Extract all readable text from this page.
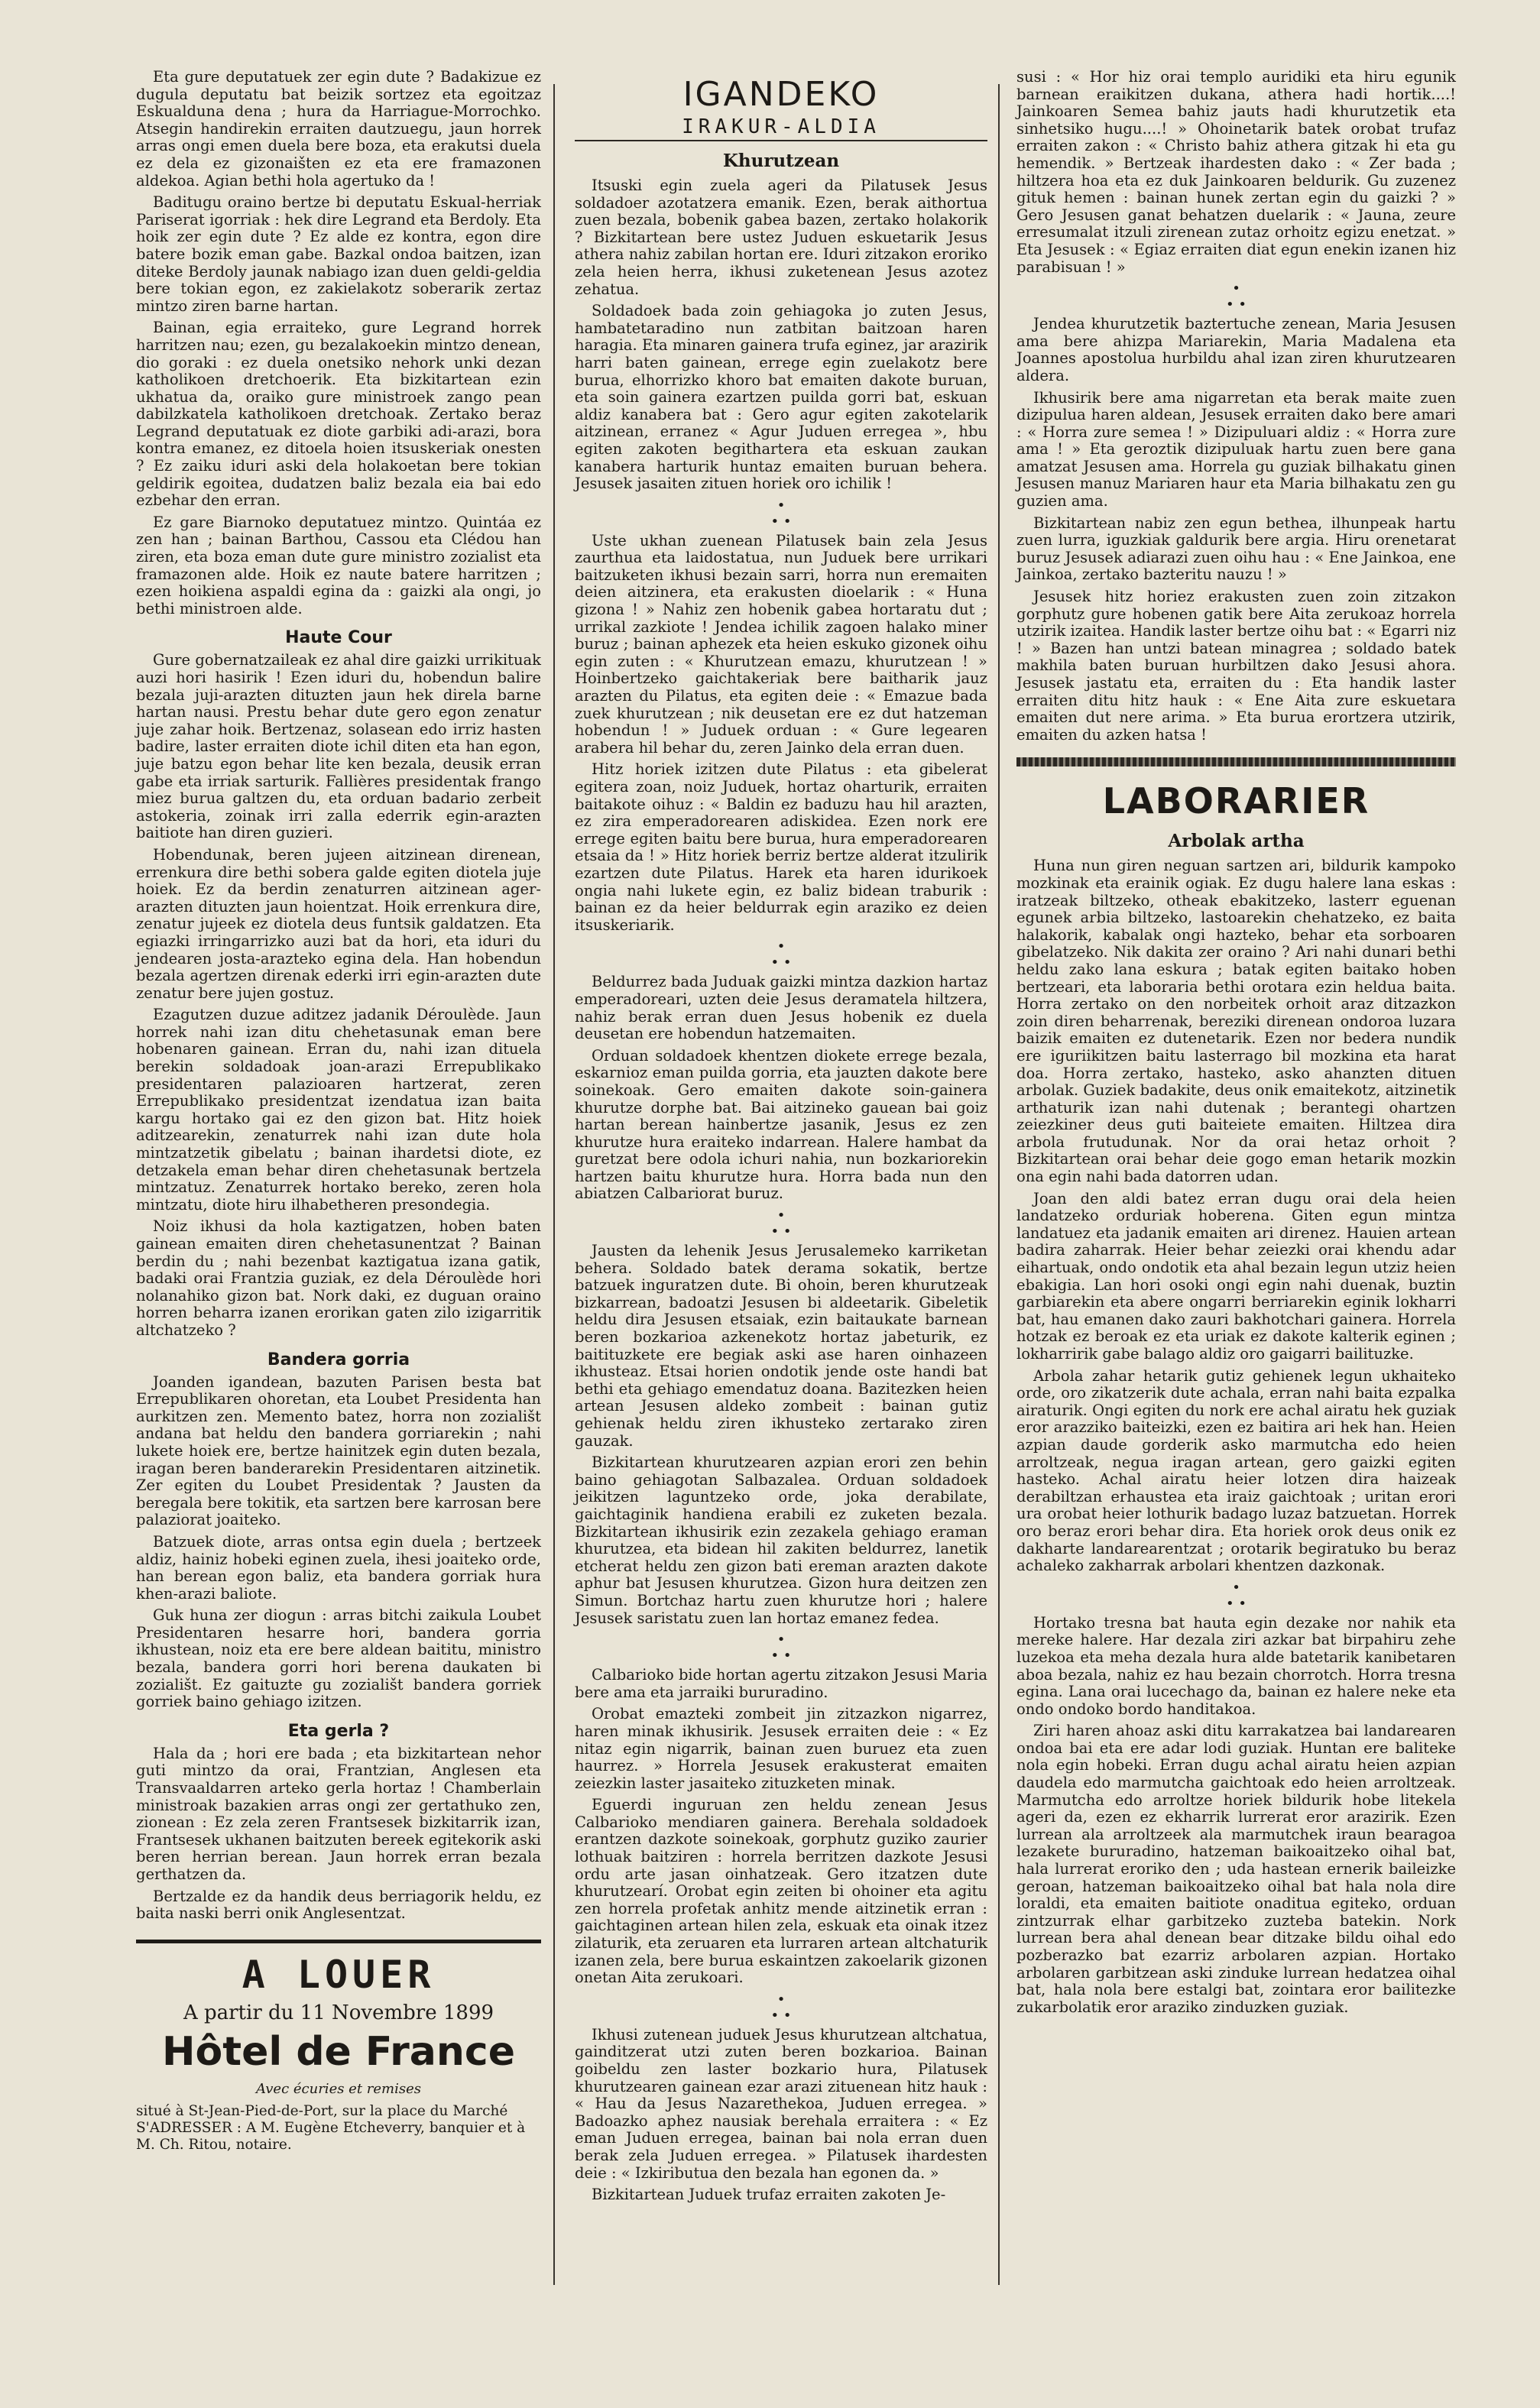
Eta gure deputatuek zer egin dute ? Badakizue ez dugula deputatu bat beizik sortzez eta egoitzaz Eskualduna dena ; hura da Harriague-Morrochko. Atsegin handirekin erraiten dautzuegu, jaun horrek arras ongi emen duela bere boza, eta erakutsi duela ez dela ez gizonaišten ez eta ere framazonen aldekoa. Agian bethi hola agertuko da !

Baditugu oraino bertze bi deputatu Eskual-herriak Pariserat igorriak : hek dire Legrand eta Berdoly. Eta hoik zer egin dute ? Ez alde ez kontra, egon dire batere bozik eman gabe. Bazkal ondoa baitzen, izan diteke Berdoly jaunak nabiago izan duen geldi-geldia bere tokian egon, ez zakielakotz soberarik zertaz mintzo ziren barne hartan.

Bainan, egia erraiteko, gure Legrand horrek harritzen nau; ezen, gu bezalakoekin mintzo denean, dio goraki : ez duela onetsiko nehork unki dezan katholikoen dretchoerik. Eta bizkitartean ezin ukhatua da, oraiko gure ministroek zango pean dabilzkatela katholikoen dretchoak. Zertako beraz Legrand deputatuak ez diote garbiki adi-arazi, bora kontra emanez, ez ditoela hoien itsuskeriak onesten ? Ez zaiku iduri aski dela holakoetan bere tokian geldirik egoitea, dudatzen baliz bezala eia bai edo ezbehar den erran.

Ez gare Biarnoko deputatuez mintzo. Quintáa ez zen han ; bainan Barthou, Cassou eta Clédou han ziren, eta boza eman dute gure ministro zozialist eta framazonen alde. Hoik ez naute batere harritzen ; ezen hoikiena aspaldi egina da : gaizki ala ongi, jo bethi ministroen alde.

Haute Cour

Gure gobernatzaileak ez ahal dire gaizki urrikituak auzi hori hasirik ! Ezen iduri du, hobendun balire bezala juji-arazten dituzten jaun hek direla barne hartan nausi. Prestu behar dute gero egon zenatur juje zahar hoik. Bertzenaz, solasean edo irriz hasten badire, laster erraiten diote ichil diten eta han egon, juje batzu egon behar lite ken bezala, deusik erran gabe eta irriak sarturik. Fallières presidentak frango miez burua galtzen du, eta orduan badario zerbeit astokeria, zoinak irri zalla ederrik egin-arazten baitiote han diren guzieri.

Hobendunak, beren jujeen aitzinean direnean, errenkura dire bethi sobera galde egiten diotela juje hoiek. Ez da berdin zenaturren aitzinean ager-arazten dituzten jaun hoientzat. Hoik errenkura dire, zenatur jujeek ez diotela deus funtsik galdatzen. Eta egiazki irringarrizko auzi bat da hori, eta iduri du jendearen josta-arazteko egina dela. Han hobendun bezala agertzen direnak ederki irri egin-arazten dute zenatur bere jujen gostuz.

Ezagutzen duzue aditzez jadanik Déroulède. Jaun horrek nahi izan ditu chehetasunak eman bere hobenaren gainean. Erran du, nahi izan dituela berekin soldadoak joan-arazi Errepublikako presidentaren palazioaren hartzerat, zeren Errepublikako presidentzat izendatua izan baita kargu hortako gai ez den gizon bat. Hitz hoiek aditzearekin, zenaturrek nahi izan dute hola mintzatzetik gibelatu ; bainan ihardetsi diote, ez detzakela eman behar diren chehetasunak bertzela mintzatuz. Zenaturrek hortako bereko, zeren hola mintzatu, diote hiru ilhabetheren presondegia.

Noiz ikhusi da hola kaztigatzen, hoben baten gainean emaiten diren chehetasunentzat ? Bainan berdin du ; nahi bezenbat kaztigatua izana gatik, badaki orai Frantzia guziak, ez dela Déroulède hori nolanahiko gizon bat. Nork daki, ez duguan oraino horren beharra izanen erorikan gaten zilo izigarritik altchatzeko ?

Bandera gorria

Joanden igandean, bazuten Parisen besta bat Errepublikaren ohoretan, eta Loubet Presidenta han aurkitzen zen. Memento batez, horra non zoziališt andana bat heldu den bandera gorriarekin ; nahi lukete hoiek ere, bertze hainitzek egin duten bezala, iragan beren banderarekin Presidentaren aitzinetik. Zer egiten du Loubet Presidentak ? Jausten da beregala bere tokitik, eta sartzen bere karrosan bere palaziorat joaiteko.

Batzuek diote, arras ontsa egin duela ; bertzeek aldiz, hainiz hobeki eginen zuela, ihesi joaiteko orde, han berean egon baliz, eta bandera gorriak hura khen-arazi baliote.

Guk huna zer diogun : arras bitchi zaikula Loubet Presidentaren hesarre hori, bandera gorria ikhustean, noiz eta ere bere aldean baititu, ministro bezala, bandera gorri hori berena daukaten bi zoziališt. Ez gaituzte gu zoziališt bandera gorriek gorriek baino gehiago izitzen.

Eta gerla ?

Hala da ; hori ere bada ; eta bizkitartean nehor guti mintzo da orai, Frantzian, Anglesen eta Transvaaldarren arteko gerla hortaz ! Chamberlain ministroak bazakien arras ongi zer gertathuko zen, zionean : Ez zela zeren Frantsesek bizkitarrik izan, Frantsesek ukhanen baitzuten bereek egitekorik aski beren herrian berean. Jaun horrek erran bezala gerthatzen da.

Bertzalde ez da handik deus berriagorik heldu, ez baita naski berri onik Anglesentzat.

A LOUER
A partir du 11 Novembre 1899
Hôtel de France
Avec écuries et remises
situé à St-Jean-Pied-de-Port, sur la place du Marché
S'ADRESSER : A M. Eugène Etcheverry, banquier et à M. Ch. Ritou, notaire.
IGANDEKO
IRAKUR-ALDIA
Khurutzean

Itsuski egin zuela ageri da Pilatusek Jesus soldadoer azotatzera emanik. Ezen, berak aithortua zuen bezala, bobenik gabea bazen, zertako holakorik ? Bizkitartean bere ustez Juduen eskuetarik Jesus athera nahiz zabilan hortan ere. Iduri zitzakon eroriko zela heien herra, ikhusi zuketenean Jesus azotez zehatua.

Soldadoek bada zoin gehiagoka jo zuten Jesus, hambatetaradino nun zatbitan baitzoan haren haragia. Eta minaren gainera trufa eginez, jar arazirik harri baten gainean, errege egin zuelakotz bere burua, elhorrizko khoro bat emaiten dakote buruan, eta soin gainera ezartzen puilda gorri bat, eskuan aldiz kanabera bat : Gero agur egiten zakotelarik aitzinean, erranez « Agur Juduen erregea », hbu egiten zakoten begithartera eta eskuan zaukan kanabera harturik huntaz emaiten buruan behera. Jesusek jasaiten zituen horiek oro ichilik !

•
• •

Uste ukhan zuenean Pilatusek bain zela Jesus zaurthua eta laidostatua, nun Juduek bere urrikari baitzuketen ikhusi bezain sarri, horra nun eremaiten deien aitzinera, eta erakusten dioelarik : « Huna gizona ! » Nahiz zen hobenik gabea hortaratu dut ; urrikal zazkiote ! Jendea ichilik zagoen halako miner buruz ; bainan aphezek eta heien eskuko gizonek oihu egin zuten : « Khurutzean emazu, khurutzean ! » Hoinbertzeko gaichtakeriak bere baitharik jauz arazten du Pilatus, eta egiten deie : « Emazue bada zuek khurutzean ; nik deusetan ere ez dut hatzeman hobendun ! » Juduek orduan : « Gure legearen arabera hil behar du, zeren Jainko dela erran duen.

Hitz horiek izitzen dute Pilatus : eta gibelerat egitera zoan, noiz Juduek, hortaz oharturik, erraiten baitakote oihuz : « Baldin ez baduzu hau hil arazten, ez zira emperadorearen adiskidea. Ezen nork ere errege egiten baitu bere burua, hura emperadorearen etsaia da ! » Hitz horiek berriz bertze alderat itzulirik ezartzen dute Pilatus. Harek eta haren idurikoek ongia nahi lukete egin, ez baliz bidean traburik : bainan ez da heier beldurrak egin araziko ez deien itsuskeriarik.

•
• •

Beldurrez bada Juduak gaizki mintza dazkion hartaz emperadoreari, uzten deie Jesus deramatela hiltzera, nahiz berak erran duen Jesus hobenik ez duela deusetan ere hobendun hatzemaiten.

Orduan soldadoek khentzen diokete errege bezala, eskarnioz eman puilda gorria, eta jauzten dakote bere soinekoak. Gero emaiten dakote soin-gainera khurutze dorphe bat. Bai aitzineko gauean bai goiz hartan berean hainbertze jasanik, Jesus ez zen khurutze hura eraiteko indarrean. Halere hambat da guretzat bere odola ichuri nahia, nun bozkariorekin hartzen baitu khurutze hura. Horra bada nun den abiatzen Calbariorat buruz.

•
• •

Jausten da lehenik Jesus Jerusalemeko karriketan behera. Soldado batek derama sokatik, bertze batzuek inguratzen dute. Bi ohoin, beren khurutzeak bizkarrean, badoatzi Jesusen bi aldeetarik. Gibeletik heldu dira Jesusen etsaiak, ezin baitaukate barnean beren bozkarioa azkenekotz hortaz jabeturik, ez baitituzkete ere begiak aski ase haren oinhazeen ikhusteaz. Etsai horien ondotik jende oste handi bat bethi eta gehiago emendatuz doana. Bazitezken heien artean Jesusen aldeko zombeit : bainan gutiz gehienak heldu ziren ikhusteko zertarako ziren gauzak.

Bizkitartean khurutzearen azpian erori zen behin baino gehiagotan Salbazalea. Orduan soldadoek jeikitzen laguntzeko orde, joka derabilate, gaichtaginik handiena erabili ez zuketen bezala. Bizkitartean ikhusirik ezin zezakela gehiago eraman khurutzea, eta bidean hil zakiten beldurrez, lanetik etcherat heldu zen gizon bati ereman arazten dakote aphur bat Jesusen khurutzea. Gizon hura deitzen zen Simun. Bortchaz hartu zuen khurutze hori ; halere Jesusek saristatu zuen lan hortaz emanez fedea.

•
• •

Calbarioko bide hortan agertu zitzakon Jesusi Maria bere ama eta jarraiki bururadino.

Orobat emazteki zombeit jin zitzazkon nigarrez, haren minak ikhusirik. Jesusek erraiten deie : « Ez nitaz egin nigarrik, bainan zuen buruez eta zuen haurrez. » Horrela Jesusek erakusterat emaiten zeiezkin laster jasaiteko zituzketen minak.

Eguerdi inguruan zen heldu zenean Jesus Calbarioko mendiaren gainera. Berehala soldadoek erantzen dazkote soinekoak, gorphutz guziko zaurier lothuak baitziren : horrela berritzen dazkote Jesusi ordu arte jasan oinhatzeak. Gero itzatzen dute khurutzearí. Orobat egin zeiten bi ohoiner eta agitu zen horrela profetak anhitz mende aitzinetik erran : gaichtaginen artean hilen zela, eskuak eta oinak itzez zilaturik, eta zeruaren eta lurraren artean altchaturik izanen zela, bere burua eskaintzen zakoelarik gizonen onetan Aita zerukoari.

•
• •

Ikhusi zutenean juduek Jesus khurutzean altchatua, gainditzerat utzi zuten beren bozkarioa. Bainan goibeldu zen laster bozkario hura, Pilatusek khurutzearen gainean ezar arazi zituenean hitz hauk : « Hau da Jesus Nazarethekoa, Juduen erregea. » Badoazko aphez nausiak berehala erraitera : « Ez eman Juduen erregea, bainan bai nola erran duen berak zela Juduen erregea. » Pilatusek ihardesten deie : « Izkiributua den bezala han egonen da. »

Bizkitartean Juduek trufaz erraiten zakoten Je-

susi : « Hor hiz orai templo auridiki eta hiru egunik barnean eraikitzen dukana, athera hadi hortik....! Jainkoaren Semea bahiz jauts hadi khurutzetik eta sinhetsiko hugu....! » Ohoinetarik batek orobat trufaz erraiten zakon : « Christo bahiz athera gitzak hi eta gu hemendik. » Bertzeak ihardesten dako : « Zer bada ; hiltzera hoa eta ez duk Jainkoaren beldurik. Gu zuzenez gituk hemen : bainan hunek zertan egin du gaizki ? » Gero Jesusen ganat behatzen duelarik : « Jauna, zeure erresumalat itzuli zirenean zutaz orhoitz egizu enetzat. » Eta Jesusek : « Egiaz erraiten diat egun enekin izanen hiz parabisuan ! »

•
• •

Jendea khurutzetik baztertuche zenean, Maria Jesusen ama bere ahizpa Mariarekin, Maria Madalena eta Joannes apostolua hurbildu ahal izan ziren khurutzearen aldera.

Ikhusirik bere ama nigarretan eta berak maite zuen dizipulua haren aldean, Jesusek erraiten dako bere amari : « Horra zure semea ! » Dizipuluari aldiz : « Horra zure ama ! » Eta geroztik dizipuluak hartu zuen bere gana amatzat Jesusen ama. Horrela gu guziak bilhakatu ginen Jesusen manuz Mariaren haur eta Maria bilhakatu zen gu guzien ama.

Bizkitartean nabiz zen egun bethea, ilhunpeak hartu zuen lurra, iguzkiak galdurik bere argia. Hiru orenetarat buruz Jesusek adiarazi zuen oihu hau : « Ene Jainkoa, ene Jainkoa, zertako bazteritu nauzu ! »

Jesusek hitz horiez erakusten zuen zoin zitzakon gorphutz gure hobenen gatik bere Aita zerukoaz horrela utzirik izaitea. Handik laster bertze oihu bat : « Egarri niz ! » Bazen han untzi batean minagrea ; soldado batek makhila baten buruan hurbiltzen dako Jesusi ahora. Jesusek jastatu eta, erraiten du : Eta handik laster erraiten ditu hitz hauk : « Ene Aita zure eskuetara emaiten dut nere arima. » Eta burua erortzera utzirik, emaiten du azken hatsa !

LABORARIER
Arbolak artha

Huna nun giren neguan sartzen ari, bildurik kampoko mozkinak eta erainik ogiak. Ez dugu halere lana eskas : iratzeak biltzeko, otheak ebakitzeko, lasterr eguenan egunek arbia biltzeko, lastoarekin chehatzeko, ez baita halakorik, kabalak ongi hazteko, behar eta sorboaren gibelatzeko. Nik dakita zer oraino ? Ari nahi dunari bethi heldu zako lana eskura ; batak egiten baitako hoben bertzeari, eta laboraria bethi orotara ezin heldua baita. Horra zertako on den norbeitek orhoit araz ditzazkon zoin diren beharrenak, bereziki direnean ondoroa luzara baizik emaiten ez dutenetarik. Ezen nor bedera nundik ere iguriikitzen baitu lasterrago bil mozkina eta harat doa. Horra zertako, hasteko, asko ahanzten dituen arbolak. Guziek badakite, deus onik emaitekotz, aitzinetik arthaturik izan nahi dutenak ; berantegi ohartzen zeiezkiner deus guti baiteiete emaiten. Hiltzea dira arbola frutudunak. Nor da orai hetaz orhoit ? Bizkitartean orai behar deie gogo eman hetarik mozkin ona egin nahi bada datorren udan.

Joan den aldi batez erran dugu orai dela heien landatzeko orduriak hoberena. Giten egun mintza landatuez eta jadanik emaiten ari direnez. Hauien artean badira zaharrak. Heier behar zeiezki orai khendu adar eihartuak, ondo ondotik eta ahal bezain legun utziz heien ebakigia. Lan hori osoki ongi egin nahi duenak, buztin garbiarekin eta abere ongarri berriarekin eginik lokharri bat, hau emanen dako zauri bakhotchari gainera. Horrela hotzak ez beroak ez eta uriak ez dakote kalterik eginen ; lokharririk gabe balago aldiz oro gaigarri bailituzke.

Arbola zahar hetarik gutiz gehienek legun ukhaiteko orde, oro zikatzerik dute achala, erran nahi baita ezpalka airaturik. Ongi egiten du nork ere achal airatu hek guziak eror arazziko baiteizki, ezen ez baitira ari hek han. Heien azpian daude gorderik asko marmutcha edo heien arroltzeak, negua iragan artean, gero gaizki egiten hasteko. Achal airatu heier lotzen dira haizeak derabiltzan erhaustea eta iraiz gaichtoak ; uritan erori ura orobat heier lothurik badago luzaz batzuetan. Horrek oro beraz erori behar dira. Eta horiek orok deus onik ez dakharte landarearentzat ; orotarik begiratuko bu beraz achaleko zakharrak arbolari khentzen dazkonak.

•
• •

Hortako tresna bat hauta egin dezake nor nahik eta mereke halere. Har dezala ziri azkar bat birpahiru zehe luzekoa eta meha dezala hura alde batetarik kanibetaren aboa bezala, nahiz ez hau bezain chorrotch. Horra tresna egina. Lana orai lucechago da, bainan ez halere neke eta ondo ondoko bordo handitakoa.

Ziri haren ahoaz aski ditu karrakatzea bai landarearen ondoa bai eta ere adar lodi guziak. Huntan ere baliteke nola egin hobeki. Erran dugu achal airatu heien azpian daudela edo marmutcha gaichtoak edo heien arroltzeak. Marmutcha edo arroltze horiek bildurik hobe litekela ageri da, ezen ez ekharrik lurrerat eror arazirik. Ezen lurrean ala arroltzeek ala marmutchek iraun bearagoa lezakete bururadino, hatzeman baikoaitzeko oihal bat, hala lurrerat eroriko den ; uda hastean ernerik baileizke geroan, hatzeman baikoaitzeko oihal bat hala nola dire loraldi, eta emaiten baitiote onaditua egiteko, orduan zintzurrak elhar garbitzeko zuzteba batekin. Nork lurrean bera ahal denean bear ditzake bildu oihal edo pozberazko bat ezarriz arbolaren azpian. Hortako arbolaren garbitzean aski zinduke lurrean hedatzea oihal bat, hala nola bere estalgi bat, zointara eror bailitezke zukarbolatik eror araziko zinduzken guziak.
